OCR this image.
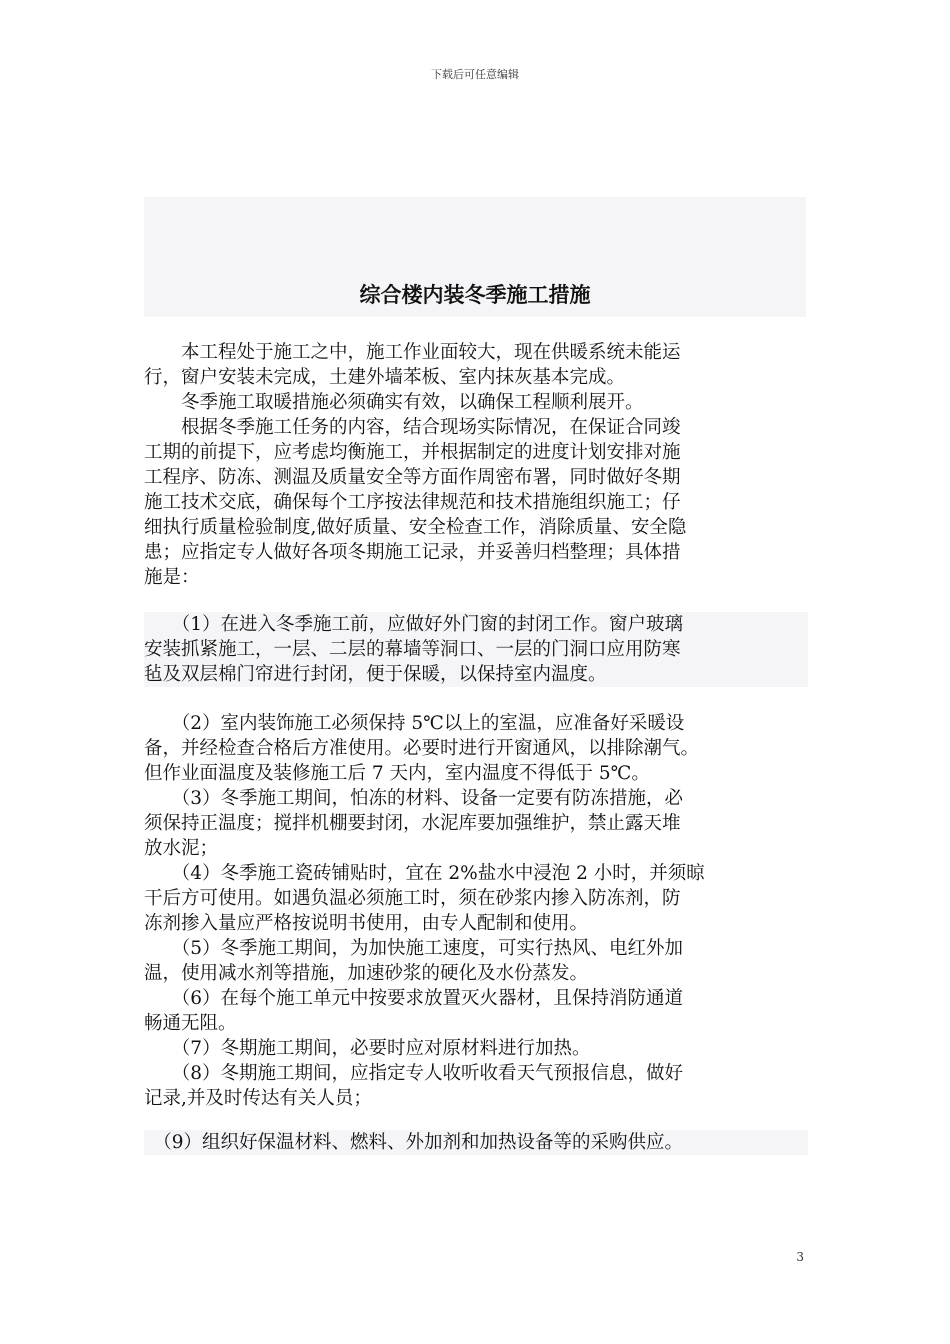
下载后可任意编辑
综合楼内装冬季施工措施

　　本工程处于施工之中，施工作业面较大，现在供暖系统未能运
行，窗户安装未完成，土建外墙苯板、室内抹灰基本完成。
　　冬季施工取暖措施必须确实有效，以确保工程顺利展开。
　　根据冬季施工任务的内容，结合现场实际情况，在保证合同竣
工期的前提下，应考虑均衡施工，并根据制定的进度计划安排对施
工程序、防冻、测温及质量安全等方面作周密布署，同时做好冬期
施工技术交底，确保每个工序按法律规范和技术措施组织施工；仔
细执行质量检验制度,做好质量、安全检查工作，消除质量、安全隐
患；应指定专人做好各项冬期施工记录，并妥善归档整理；具体措
施是：

　　（1）在进入冬季施工前，应做好外门窗的封闭工作。窗户玻璃
安装抓紧施工，一层、二层的幕墙等洞口、一层的门洞口应用防寒
毡及双层棉门帘进行封闭，便于保暖，以保持室内温度。

　　（2）室内装饰施工必须保持 5℃以上的室温，应准备好采暖设
备，并经检查合格后方准使用。必要时进行开窗通风，以排除潮气。
但作业面温度及装修施工后 7 天内，室内温度不得低于 5℃。
　　（3）冬季施工期间，怕冻的材料、设备一定要有防冻措施，必
须保持正温度；搅拌机棚要封闭，水泥库要加强维护，禁止露天堆
放水泥；
　　（4）冬季施工瓷砖铺贴时，宜在 2%盐水中浸泡 2 小时，并须晾
干后方可使用。如遇负温必须施工时，须在砂浆内掺入防冻剂，防
冻剂掺入量应严格按说明书使用，由专人配制和使用。
　　（5）冬季施工期间，为加快施工速度，可实行热风、电红外加
温，使用减水剂等措施，加速砂浆的硬化及水份蒸发。
　　（6）在每个施工单元中按要求放置灭火器材，且保持消防通道
畅通无阻。
　　（7）冬期施工期间，必要时应对原材料进行加热。
　　（8）冬期施工期间，应指定专人收听收看天气预报信息，做好
记录,并及时传达有关人员；

　（9）组织好保温材料、燃料、外加剂和加热设备等的采购供应。

3
